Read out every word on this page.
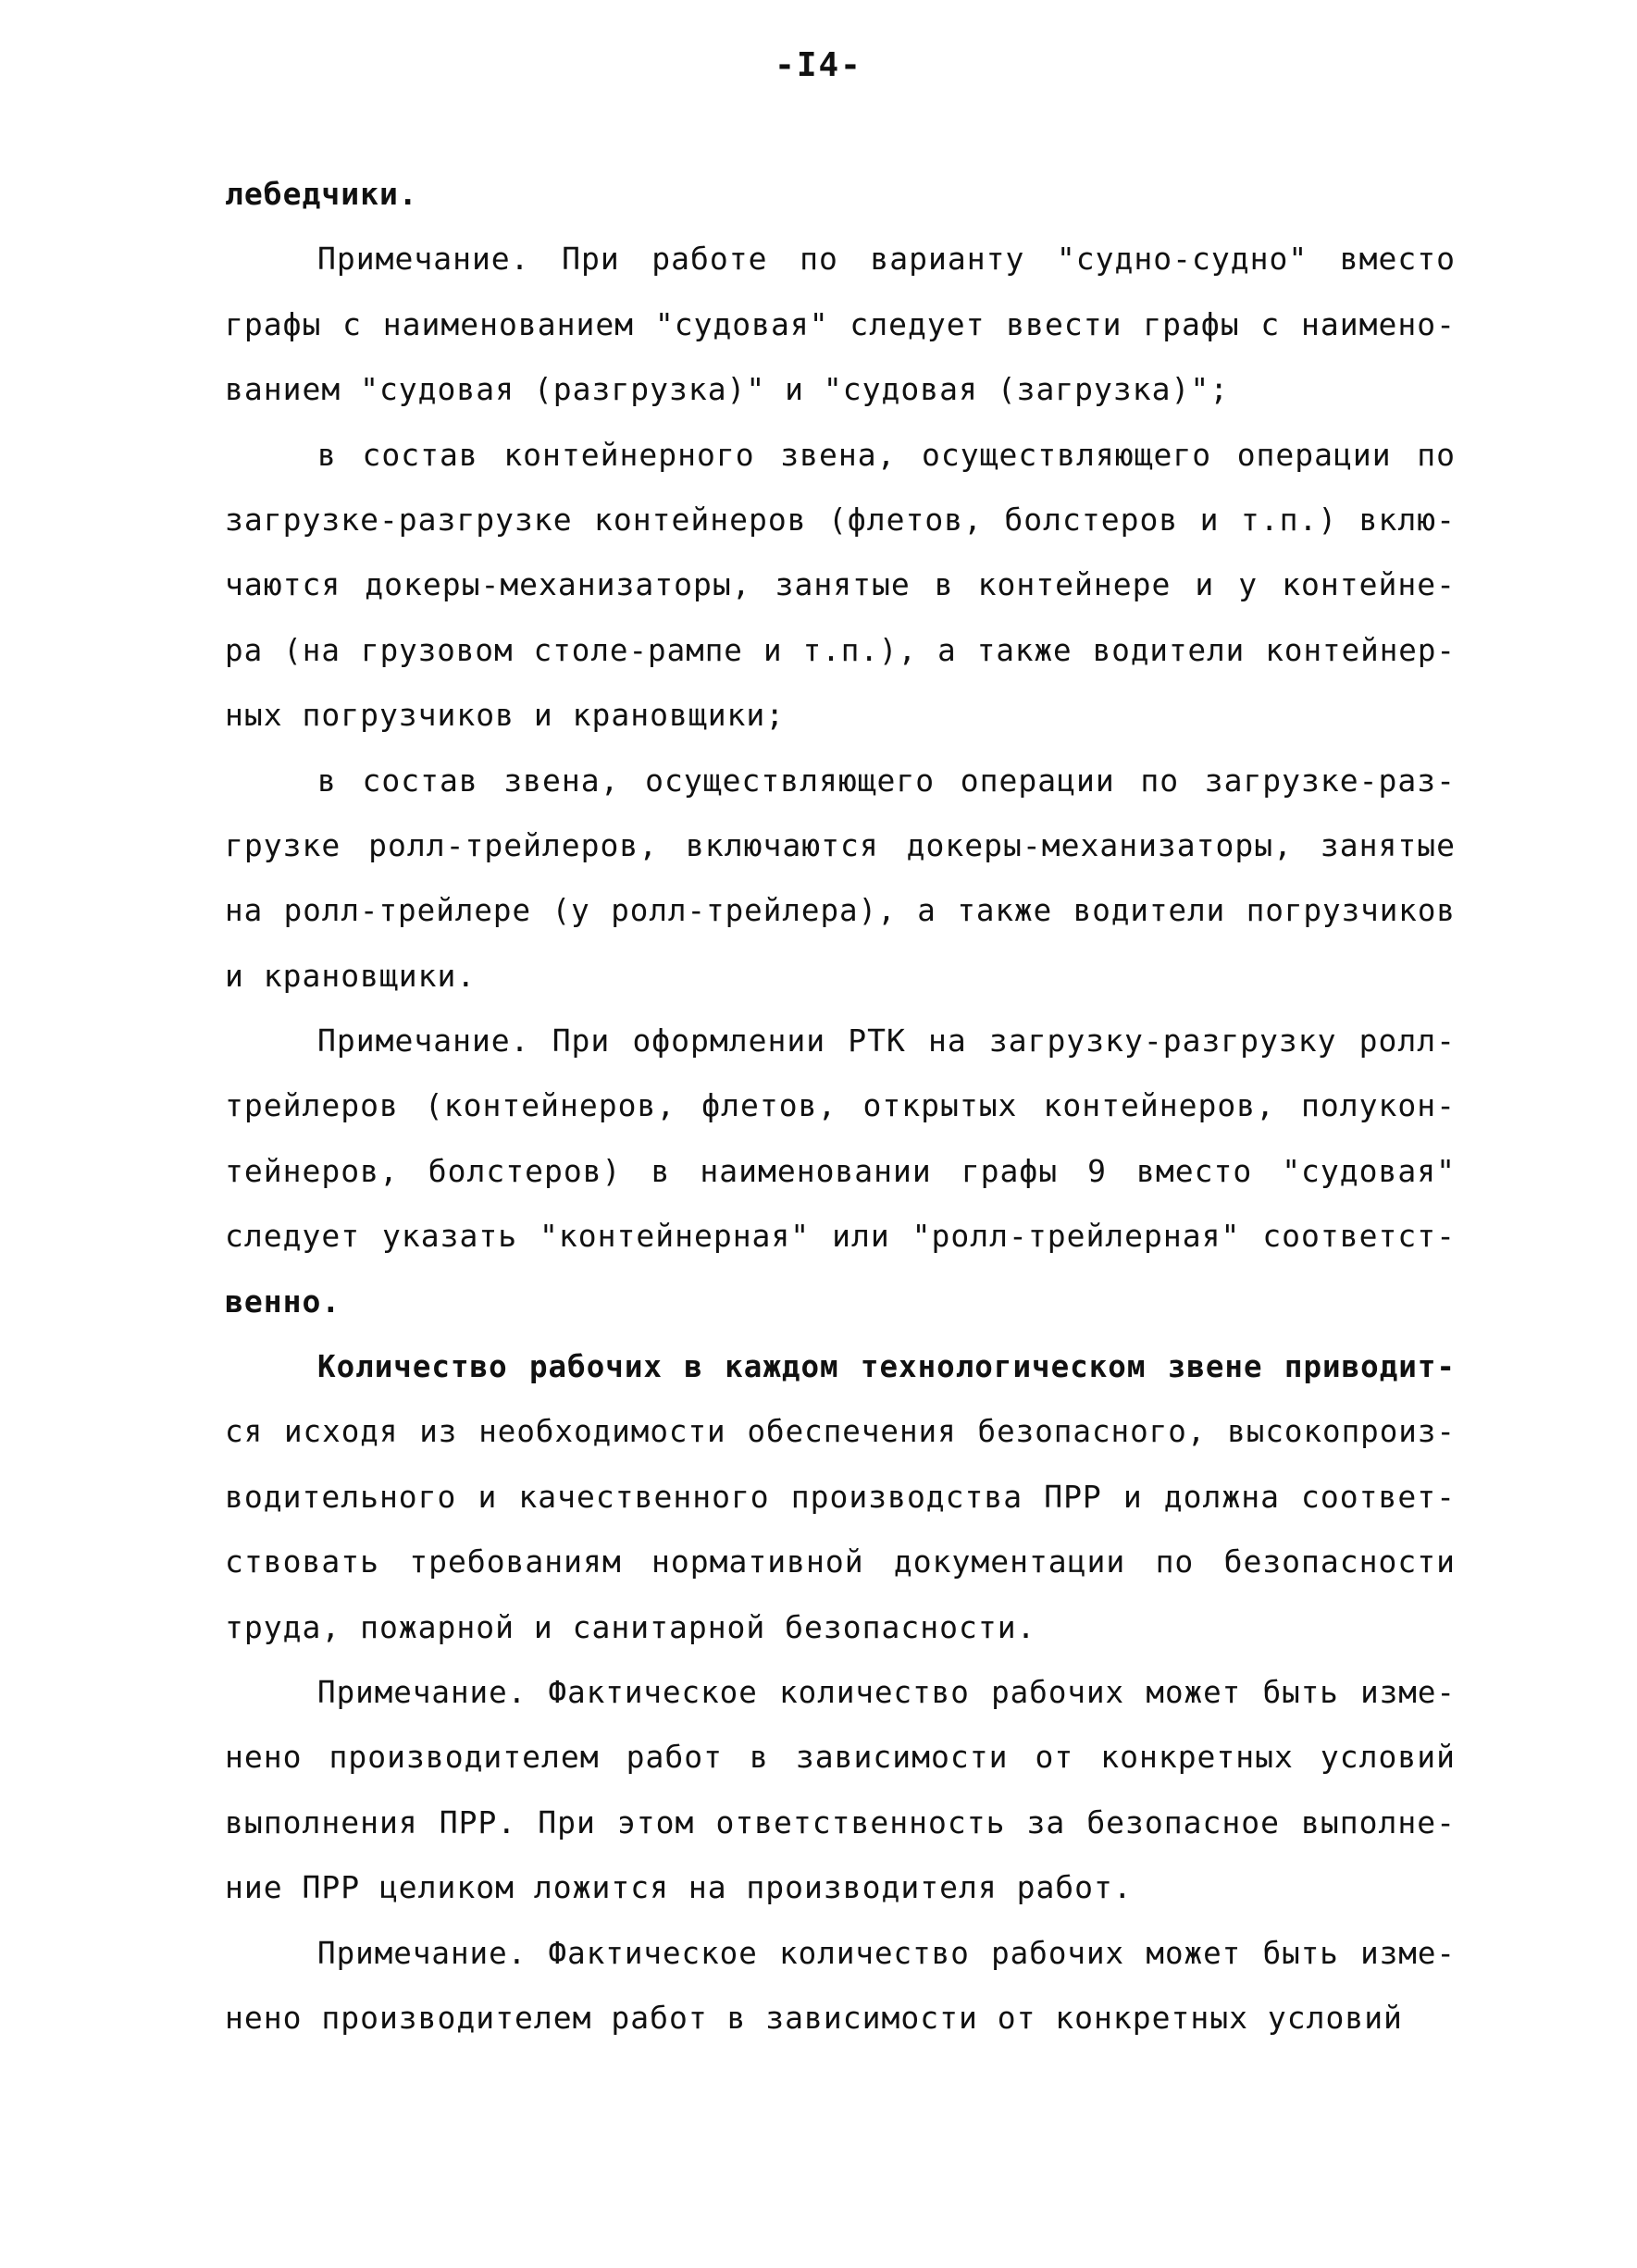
-I4-
лебедчики.
Примечание. При работе по варианту "судно-судно" вместо
графы с наименованием "судовая" следует ввести графы с наимено-
ванием "судовая (разгрузка)" и "судовая (загрузка)";
в состав контейнерного звена, осуществляющего операции по
загрузке-разгрузке контейнеров (флетов, болстеров и т.п.) вклю-
чаются докеры-механизаторы, занятые в контейнере и у контейне-
ра (на грузовом столе-рампе и т.п.), а также водители контейнер-
ных погрузчиков и крановщики;
в состав звена, осуществляющего операции по загрузке-раз-
грузке ролл-трейлеров, включаются докеры-механизаторы, занятые
на ролл-трейлере (у ролл-трейлера), а также водители погрузчиков
и крановщики.
Примечание. При оформлении РТК на загрузку-разгрузку ролл-
трейлеров (контейнеров, флетов, открытых контейнеров, полукон-
тейнеров, болстеров) в наименовании графы 9 вместо "судовая"
следует указать "контейнерная" или "ролл-трейлерная" соответст-
венно.
Количество рабочих в каждом технологическом звене приводит-
ся исходя из необходимости обеспечения безопасного, высокопроиз-
водительного и качественного производства ПРР и должна соответ-
ствовать требованиям нормативной документации по безопасности
труда, пожарной и санитарной безопасности.
Примечание. Фактическое количество рабочих может быть изме-
нено производителем работ в зависимости от конкретных условий
выполнения ПРР. При этом ответственность за безопасное выполне-
ние ПРР целиком ложится на производителя работ.
Примечание. Фактическое количество рабочих может быть изме-
нено производителем работ в зависимости от конкретных условий
